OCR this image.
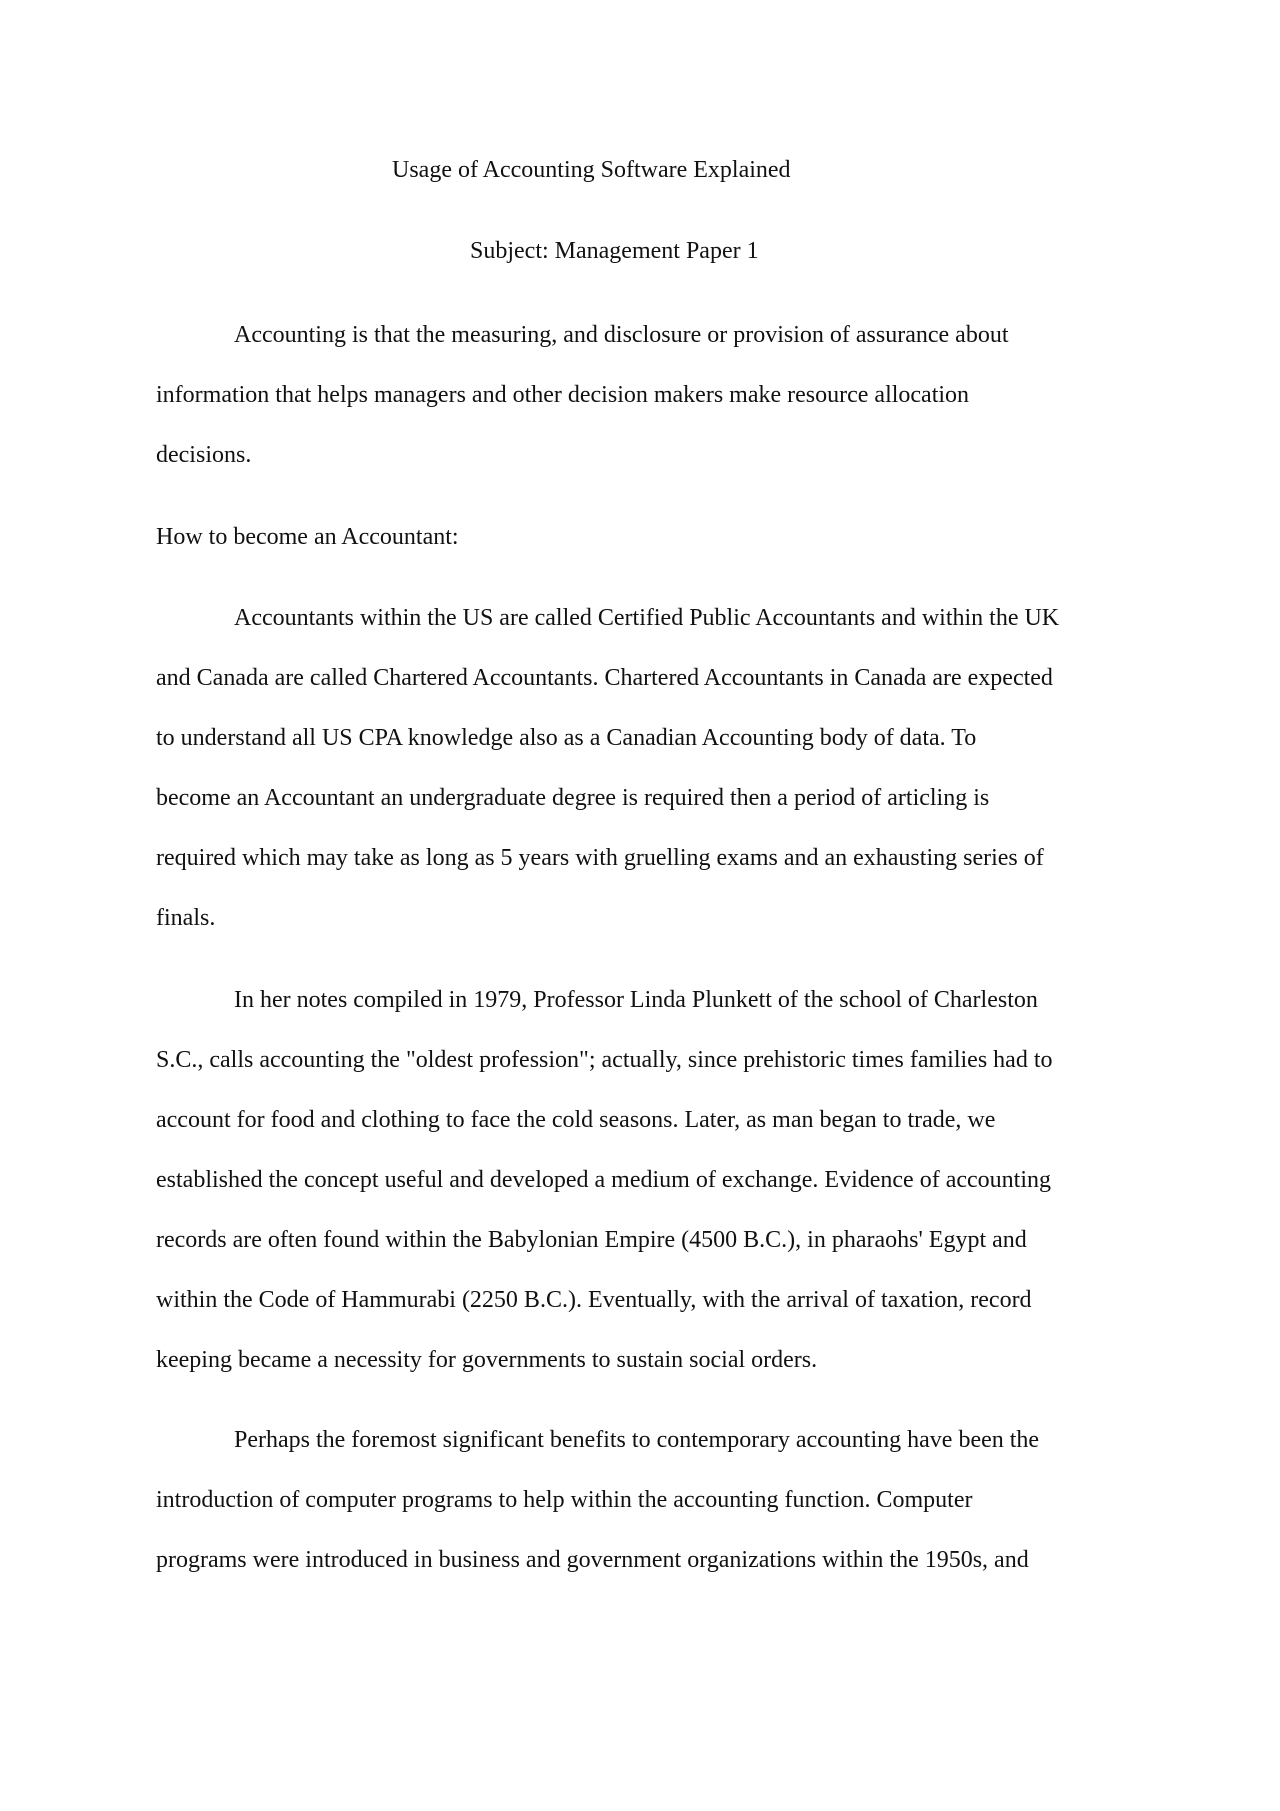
Usage of Accounting Software Explained
Subject: Management Paper 1

Accounting is that the measuring, and disclosure or provision of assurance about
information that helps managers and other decision makers make resource allocation
decisions.

How to become an Accountant:

Accountants within the US are called Certified Public Accountants and within the UK
and Canada are called Chartered Accountants. Chartered Accountants in Canada are expected
to understand all US CPA knowledge also as a Canadian Accounting body of data. To
become an Accountant an undergraduate degree is required then a period of articling is
required which may take as long as 5 years with gruelling exams and an exhausting series of
finals.

In her notes compiled in 1979, Professor Linda Plunkett of the school of Charleston
S.C., calls accounting the "oldest profession"; actually, since prehistoric times families had to
account for food and clothing to face the cold seasons. Later, as man began to trade, we
established the concept useful and developed a medium of exchange. Evidence of accounting
records are often found within the Babylonian Empire (4500 B.C.), in pharaohs' Egypt and
within the Code of Hammurabi (2250 B.C.). Eventually, with the arrival of taxation, record
keeping became a necessity for governments to sustain social orders.

Perhaps the foremost significant benefits to contemporary accounting have been the
introduction of computer programs to help within the accounting function. Computer
programs were introduced in business and government organizations within the 1950s, and
